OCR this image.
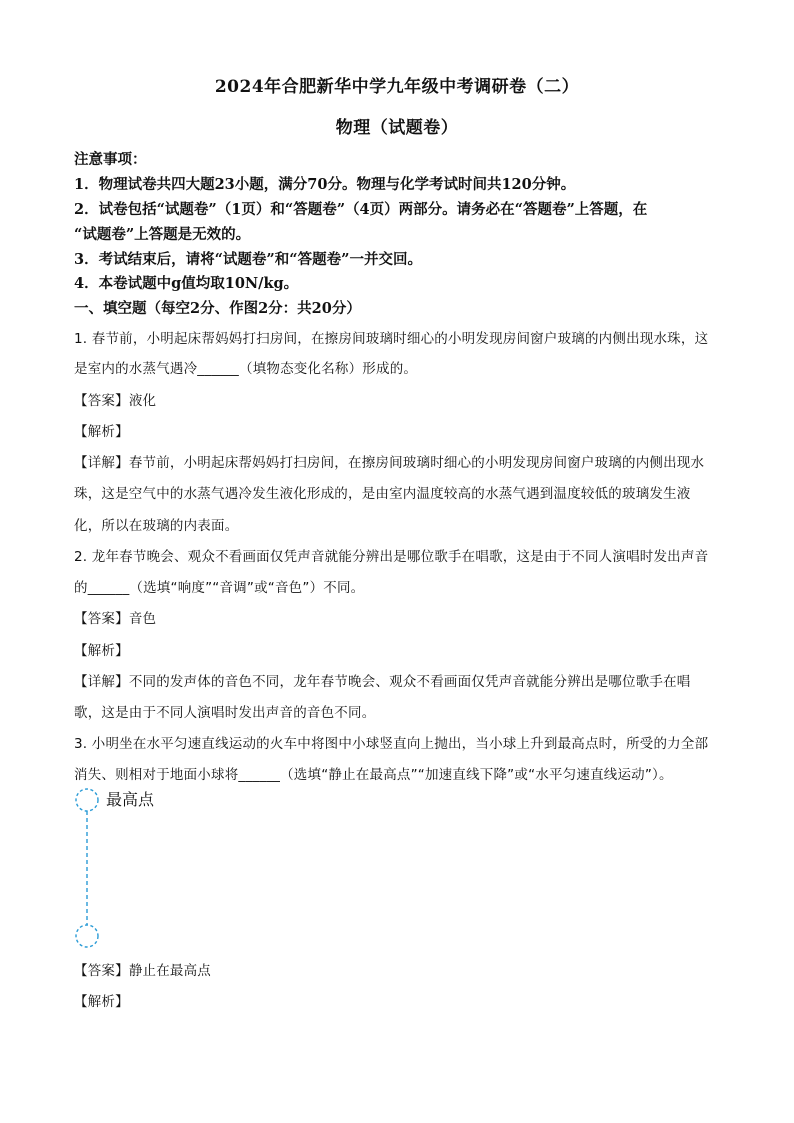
2024年合肥新华中学九年级中考调研卷（二）
物理（试题卷）
注意事项：
1．物理试卷共四大题23小题，满分70分。物理与化学考试时间共120分钟。
2．试卷包括“试题卷”（1页）和“答题卷”（4页）两部分。请务必在“答题卷”上答题，在
“试题卷”上答题是无效的。
3．考试结束后，请将“试题卷”和“答题卷”一并交回。
4．本卷试题中g值均取10N/kg。
一、填空题（每空2分、作图2分：共20分）
1. 春节前，小明起床帮妈妈打扫房间，在擦房间玻璃时细心的小明发现房间窗户玻璃的内侧出现水珠，这
是室内的水蒸气遇冷______（填物态变化名称）形成的。
【答案】液化
【解析】
【详解】春节前，小明起床帮妈妈打扫房间，在擦房间玻璃时细心的小明发现房间窗户玻璃的内侧出现水
珠，这是空气中的水蒸气遇冷发生液化形成的，是由室内温度较高的水蒸气遇到温度较低的玻璃发生液
化，所以在玻璃的内表面。
2. 龙年春节晚会、观众不看画面仅凭声音就能分辨出是哪位歌手在唱歌，这是由于不同人演唱时发出声音
的______（选填“响度”“音调”或“音色”）不同。
【答案】音色
【解析】
【详解】不同的发声体的音色不同，龙年春节晚会、观众不看画面仅凭声音就能分辨出是哪位歌手在唱
歌，这是由于不同人演唱时发出声音的音色不同。
3. 小明坐在水平匀速直线运动的火车中将图中小球竖直向上抛出，当小球上升到最高点时，所受的力全部
消失、则相对于地面小球将______（选填“静止在最高点”“加速直线下降”或“水平匀速直线运动”）。
最高点
【答案】静止在最高点
【解析】
